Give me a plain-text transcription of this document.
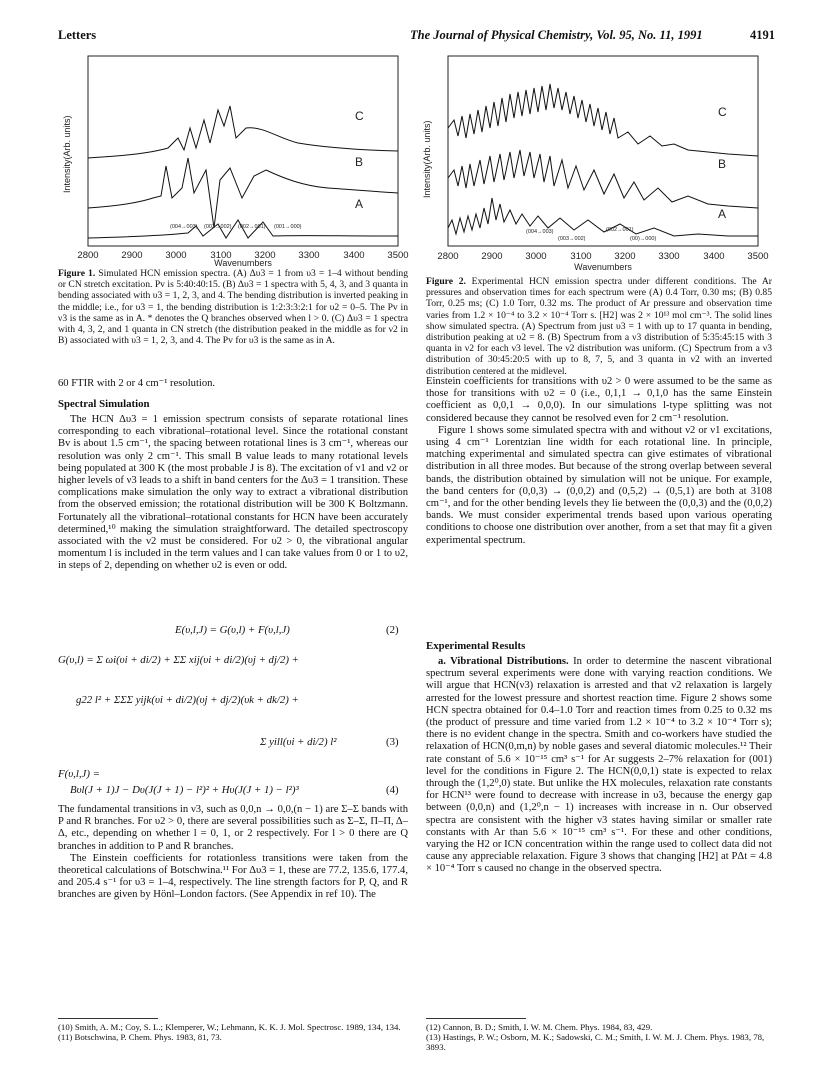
Letters	The Journal of Physical Chemistry, Vol. 95, No. 11, 1991	4191
Intensity(Arb. units)	C
B
A
(004→003) (003→002) (002→001) (001→000)
2800 2900 3000	3100 3200 3300	3400 3500
Wavenumbers
Figure 1. Simulated HCN emission spectra. (A) Δυ3 = 1 from υ3 = 1–4 without bending or CN stretch excitation. Pv is 5:40:40:15. (B) Δυ3 = 1 spectra with 5, 4, 3, and 3 quanta in bending associated with υ3 = 1, 2, 3, and 4. The bending distribution is inverted peaking in the middle; i.e., for υ3 = 1, the bending distribution is 1:2:3:3:2:1 for υ2 = 0–5. The Pv in ν3 is the same as in A. * denotes the Q branches observed when l > 0. (C) Δυ3 = 1 spectra with 4, 3, 2, and 1 quanta in CN stretch (the distribution peaked in the middle as for ν2 in B) associated with υ3 = 1, 2, 3, and 4. The Pv for υ3 is the same as in A.
Intensity(Arb. units)
C
B
A
(004→003)
(003→002)
(002→001)
(00)→000)
2800 2900 3000	3100 3200 3300	3400 3500
Wavenumbers
Figure 2. Experimental HCN emission spectra under different conditions. The Ar pressures and observation times for each spectrum were (A) 0.4 Torr, 0.30 ms; (B) 0.85 Torr, 0.25 ms; (C) 1.0 Torr, 0.32 ms. The product of Ar pressure and observation time varies from 1.2 × 10⁻⁴ to 3.2 × 10⁻⁴ Torr s. [H2] was 2 × 10¹³ mol cm⁻³. The solid lines show simulated spectra. (A) Spectrum from just υ3 = 1 with up to 17 quanta in bending, distribution peaking at υ2 = 8. (B) Spectrum from a ν3 distribution of 5:35:45:15 with 3 quanta in ν2 for each ν3 level. The ν2 distribution was uniform. (C) Spectrum from a ν3 distribution of 30:45:20:5 with up to 8, 7, 5, and 3 quanta in ν2 with an inverted distribution centered at the midlevel.
60 FTIR with 2 or 4 cm⁻¹ resolution.
Spectral Simulation

The HCN Δυ3 = 1 emission spectrum consists of separate rotational lines corresponding to each vibrational–rotational level. Since the rotational constant Bv is about 1.5 cm⁻¹, the spacing between rotational lines is 3 cm⁻¹, whereas our resolution was only 2 cm⁻¹. This small B value leads to many rotational levels being populated at 300 K (the most probable J is 8). The excitation of ν1 and ν2 or higher levels of ν3 leads to a shift in band centers for the Δυ3 = 1 transition. These complications make simulation the only way to extract a vibrational distribution from the observed emission; the rotational distribution will be 300 K Boltzmann. Fortunately all the vibrational–rotational constants for HCN have been accurately determined,¹⁰ making the simulation straightforward. The detailed spectroscopy associated with the ν2 must be considered. For υ2 > 0, the vibrational angular momentum l is included in the term values and l can take values from 0 or 1 to υ2, in steps of 2, depending on whether υ2 is even or odd.

E(υ,l,J) = G(υ,l) + F(υ,l,J)	(2)
G(υ,l) = Σ ωi(υi + di/2) + ΣΣ xij(υi + di/2)(υj + dj/2) +
g22 l² + ΣΣΣ yijk(υi + di/2)(υj + dj/2)(υk + dk/2) +
Σ yill(υi + di/2) l²	(3)
F(υ,l,J) =
Bυl(J + 1)J − Dυ(J(J + 1) − l²)² + Hυ(J(J + 1) − l²)³	(4)

The fundamental transitions in ν3, such as 0,0,n → 0,0,(n − 1) are Σ–Σ bands with P and R branches. For υ2 > 0, there are several possibilities such as Σ–Σ, Π–Π, Δ–Δ, etc., depending on whether l = 0, 1, or 2 respectively. For l > 0 there are Q branches in addition to P and R branches.

The Einstein coefficients for rotationless transitions were taken from the theoretical calculations of Botschwina.¹¹ For Δυ3 = 1, these are 77.2, 135.6, 177.4, and 205.4 s⁻¹ for υ3 = 1–4, respectively. The line strength factors for P, Q, and R branches are given by Hönl–London factors. (See Appendix in ref 10). The

(10) Smith, A. M.; Coy, S. L.; Klemperer, W.; Lehmann, K. K. J. Mol. Spectrosc. 1989, 134, 134.
(11) Botschwina, P. Chem. Phys. 1983, 81, 73.

Einstein coefficients for transitions with υ2 > 0 were assumed to be the same as those for transitions with υ2 = 0 (i.e., 0,1,1 → 0,1,0 has the same Einstein coefficient as 0,0,1 → 0,0,0). In our simulations l-type splitting was not considered because they cannot be resolved even for 2 cm⁻¹ resolution.

Figure 1 shows some simulated spectra with and without ν2 or ν1 excitations, using 4 cm⁻¹ Lorentzian line width for each rotational line. In principle, matching experimental and simulated spectra can give estimates of vibrational distribution in all three modes. But because of the strong overlap between several bands, the distribution obtained by simulation will not be unique. For example, the band centers for (0,0,3) → (0,0,2) and (0,5,2) → (0,5,1) are both at 3108 cm⁻¹, and for the other bending levels they lie between the (0,0,3) and the (0,0,2) bands. We must consider experimental trends based upon various operating conditions to choose one distribution over another, from a set that may fit a given experimental spectrum.

Experimental Results

a. Vibrational Distributions. In order to determine the nascent vibrational spectrum several experiments were done with varying reaction conditions. We will argue that HCN(ν3) relaxation is arrested and that ν2 relaxation is largely arrested for the lowest pressure and shortest reaction time. Figure 2 shows some HCN spectra obtained for 0.4–1.0 Torr and reaction times from 0.25 to 0.32 ms (the product of pressure and time varied from 1.2 × 10⁻⁴ to 3.2 × 10⁻⁴ Torr s); there is no evident change in the spectra. Smith and co-workers have studied the relaxation of HCN(0,m,n) by noble gases and several diatomic molecules.¹² Their rate constant of 5.6 × 10⁻¹⁵ cm³ s⁻¹ for Ar suggests 2–7% relaxation for (001) level for the conditions in Figure 2. The HCN(0,0,1) state is expected to relax through the (1,2⁰,0) state. But unlike the HX molecules, relaxation rate constants for HCN¹³ were found to decrease with increase in υ3, because the energy gap between (0,0,n) and (1,2⁰,n − 1) increases with increase in n. Our observed spectra are consistent with the higher ν3 states having similar or smaller rate constants with Ar than 5.6 × 10⁻¹⁵ cm³ s⁻¹. For these and other conditions, varying the H2 or ICN concentration within the range used to collect data did not cause any appreciable relaxation. Figure 3 shows that changing [H2] at PΔt = 4.8 × 10⁻⁴ Torr s caused no change in the observed spectra.

(12) Cannon, B. D.; Smith, I. W. M. Chem. Phys. 1984, 83, 429.
(13) Hastings, P. W.; Osborn, M. K.; Sadowski, C. M.; Smith, I. W. M. J. Chem. Phys. 1983, 78, 3893.
